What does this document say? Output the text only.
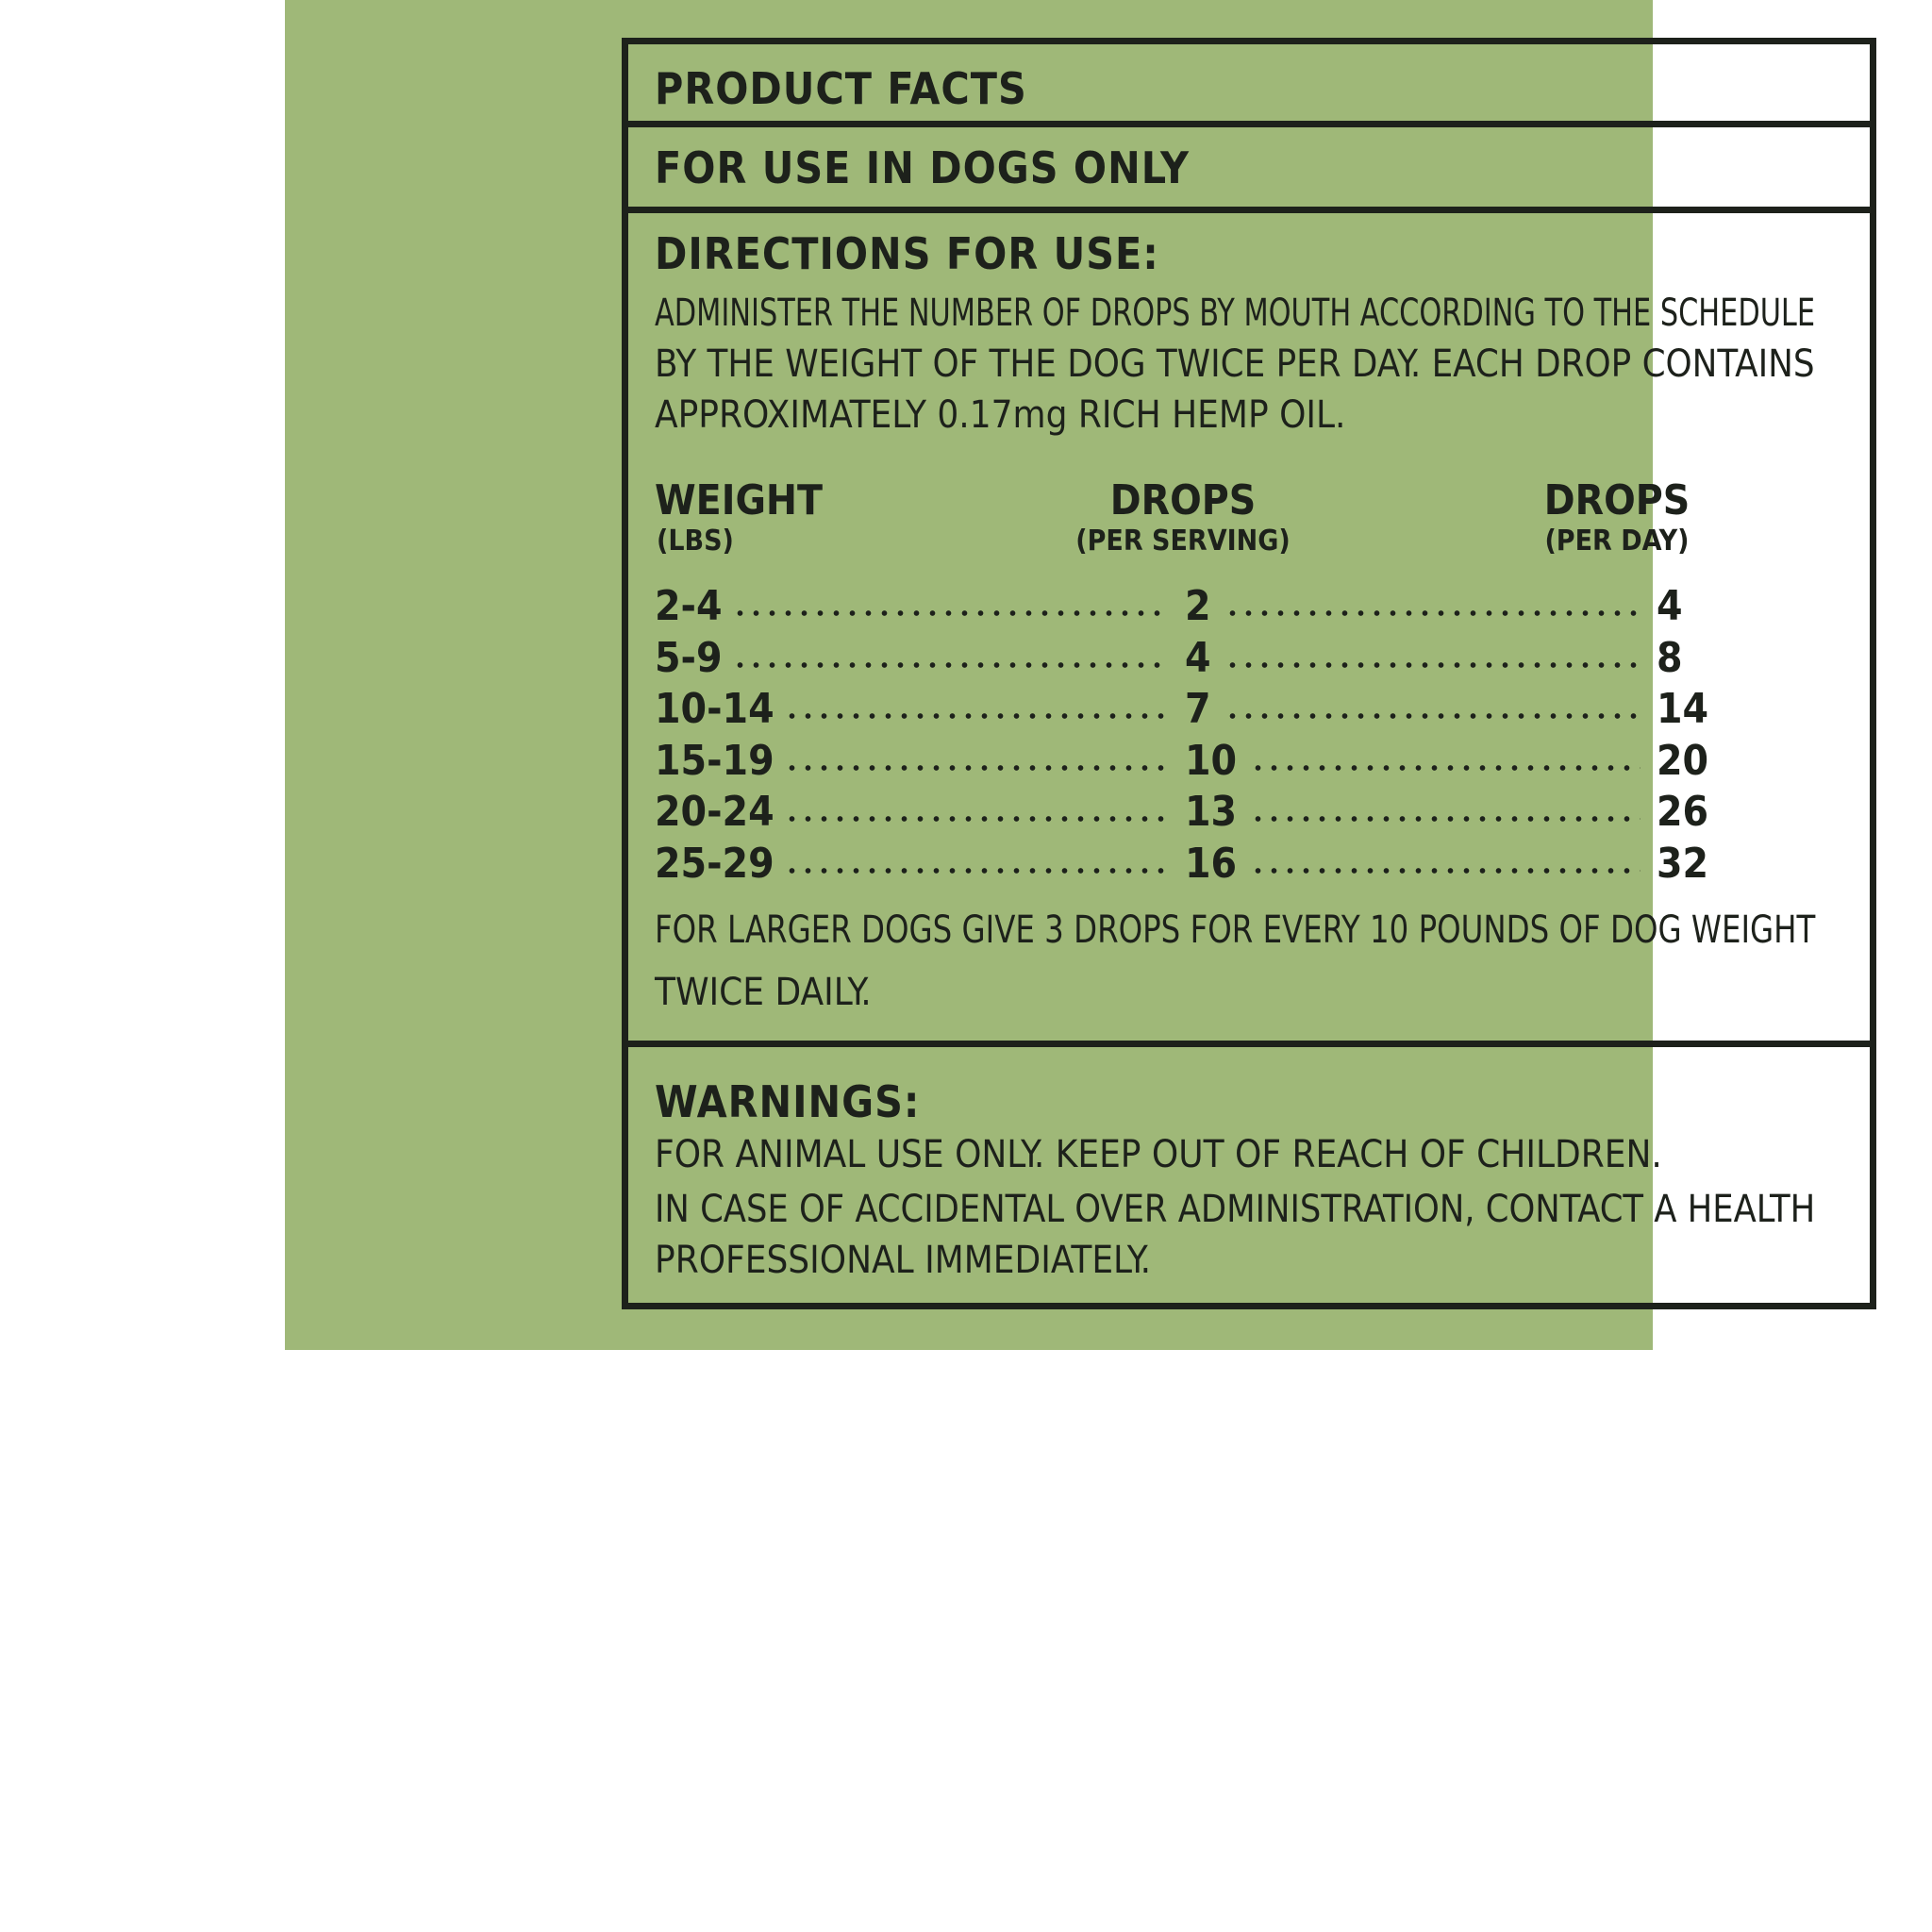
PRODUCT FACTS
FOR USE IN DOGS ONLY
DIRECTIONS FOR USE:
ADMINISTER THE NUMBER OF DROPS BY MOUTH ACCORDING TO THE SCHEDULE
BY THE WEIGHT OF THE DOG TWICE PER DAY. EACH DROP CONTAINS
APPROXIMATELY 0.17mg RICH HEMP OIL.
WEIGHT
(LBS)
DROPS
(PER SERVING)
DROPS
(PER DAY)
2-4	2	4
5-9	4	8
10-14	7	14
15-19	10	20
20-24	13	26
25-29	16	32
FOR LARGER DOGS GIVE 3 DROPS FOR EVERY 10 POUNDS OF DOG WEIGHT
TWICE DAILY.
WARNINGS:
FOR ANIMAL USE ONLY. KEEP OUT OF REACH OF CHILDREN.
IN CASE OF ACCIDENTAL OVER ADMINISTRATION, CONTACT A HEALTH
PROFESSIONAL IMMEDIATELY.
